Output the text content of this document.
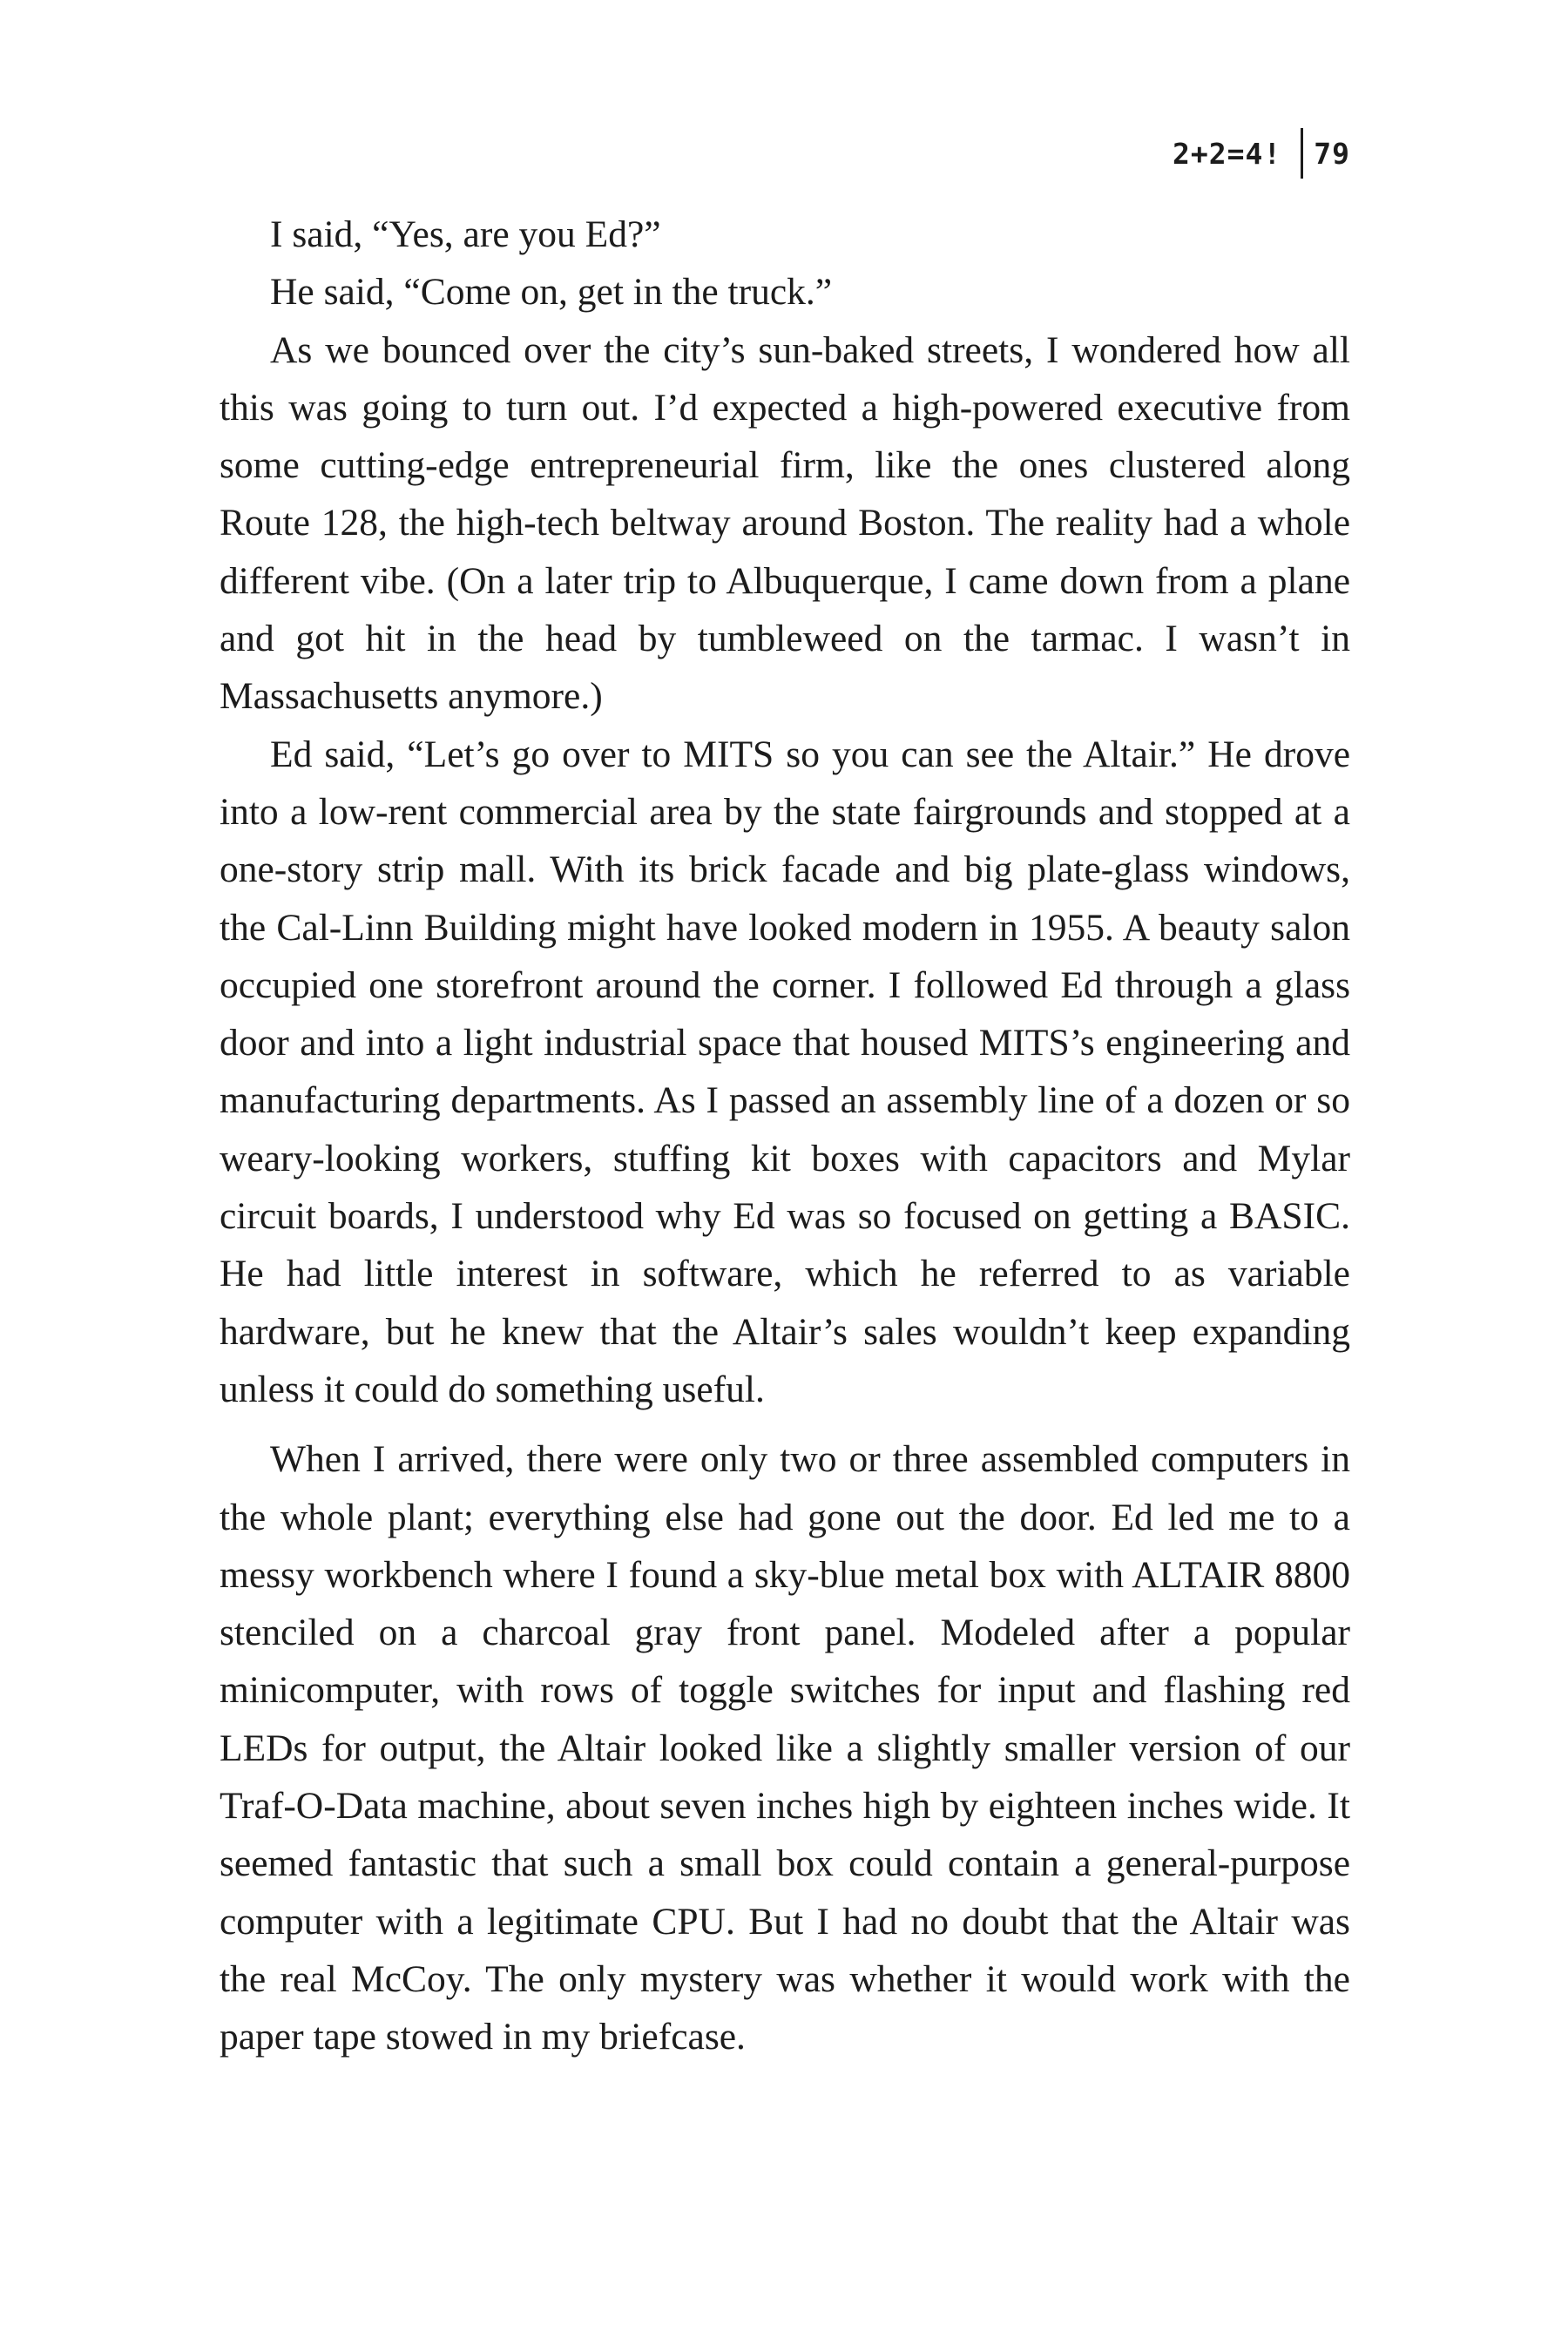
2+2=4! 79

I said, “Yes, are you Ed?”

He said, “Come on, get in the truck.”

As we bounced over the city’s sun-baked streets, I wondered how all this was going to turn out. I’d expected a high-powered executive from some cutting-edge entrepreneurial firm, like the ones clustered along Route 128, the high-tech beltway around Boston. The reality had a whole different vibe. (On a later trip to Albuquerque, I came down from a plane and got hit in the head by tumbleweed on the tarmac. I wasn’t in Massachusetts anymore.)

Ed said, “Let’s go over to MITS so you can see the Altair.” He drove into a low-rent commercial area by the state fairgrounds and stopped at a one-story strip mall. With its brick facade and big plate-glass windows, the Cal-Linn Building might have looked modern in 1955. A beauty salon occupied one storefront around the corner. I followed Ed through a glass door and into a light industrial space that housed MITS’s engineering and manufacturing departments. As I passed an assembly line of a dozen or so weary-looking workers, stuffing kit boxes with capacitors and Mylar circuit boards, I understood why Ed was so focused on getting a BASIC. He had little interest in software, which he referred to as variable hardware, but he knew that the Altair’s sales wouldn’t keep expanding unless it could do something useful.

When I arrived, there were only two or three assembled computers in the whole plant; everything else had gone out the door. Ed led me to a messy workbench where I found a sky-blue metal box with ALTAIR 8800 stenciled on a charcoal gray front panel. Modeled after a popular minicomputer, with rows of toggle switches for input and flashing red LEDs for output, the Altair looked like a slightly smaller version of our Traf-O-Data machine, about seven inches high by eighteen inches wide. It seemed fantastic that such a small box could contain a general-purpose computer with a legitimate CPU. But I had no doubt that the Altair was the real McCoy. The only mystery was whether it would work with the paper tape stowed in my briefcase.
